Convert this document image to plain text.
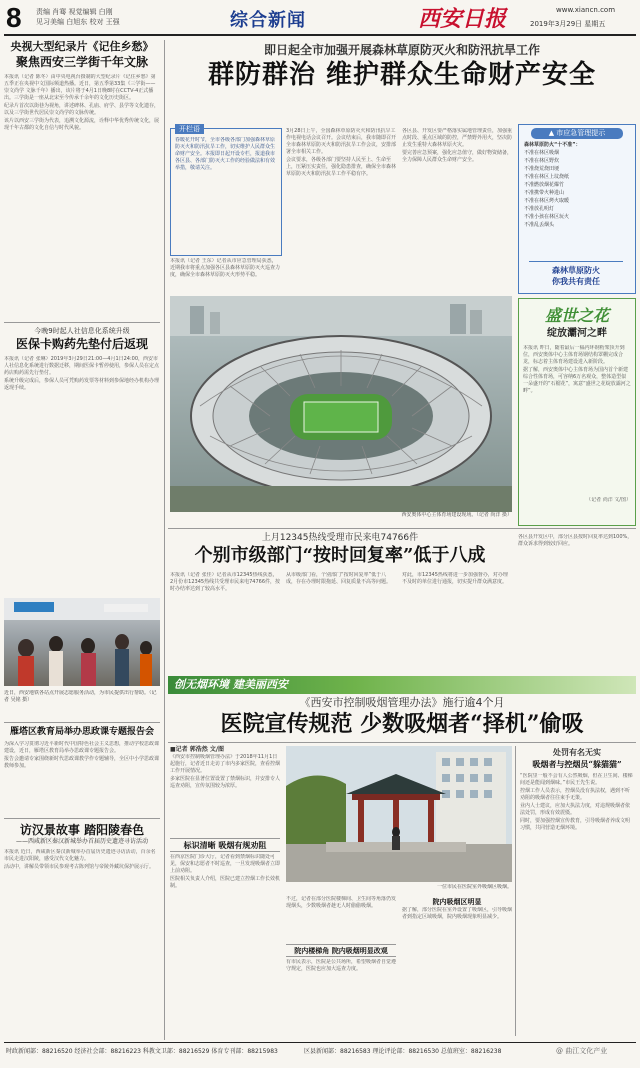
8 责编 肖骞 视觉编辑 白刚
见习美编 白旭东 校对 王强	综合新闻	西安日报	www.xiancn.com
2019年3月29日 星期五
央视大型纪录片《记住乡愁》
聚焦西安三学街千年文脉

本报讯（记者 陈冬）由中央电视台摄制的大型纪录片《记住乡愁》第五季正在央视中文国际频道热播。近日，第五季第33集《三学街——崇文尚学 文脉千年》播出，该片将于4月1日晚8时在CCTV-4正式播出。三学街是一座从北宋至今传承千余年的文化历史街区。

纪录片首次以街巷为视角，讲述碑林、孔庙、府学、县学等文化遗存，以及三学街世代居民崇文尚学的文脉传统。

该片以西安三学街为代表，追溯文化源流，诠释中华优秀传统文化，展现千年古都的文化自信与时代风貌。

今晚9时起人社信息化系统升级
医保卡购药先垫付后返现

本报讯（记者 张琳）2019年3月29日21:00—4月1日24:00，西安市人社信息化系统进行数据迁移，期间医保卡暂停使用，参保人员在定点药店购药需先行垫付。

系统升级完成后，参保人员可凭购药发票等材料到参保地经办机构办理返现手续。

近日，西安地铁各站点开展志愿服务活动，为市民提供出行帮助。（记者 吴铭 摄）
雁塔区教育局举办思政课专题报告会

为深入学习贯彻习近平新时代中国特色社会主义思想，推动学校思政课建设，近日，雁塔区教育局举办思政课专题报告会。

报告会邀请专家围绕新时代思政课教学作专题辅导，全区中小学思政课教师参加。

访汉景故事 踏阳陵春色
——西咸新区秦汉新城举办首届历史遗迹寻访活动

本报讯 近日，西咸新区秦汉新城举办首届历史遗迹寻访活动，百余名市民走进汉阳陵，感受汉代文化魅力。

活动中，讲解员带领市民参观考古陈列馆与帝陵外藏坑保护展示厅。

即日起全市加强开展森林草原防灭火和防汛抗旱工作
群防群治 维护群众生命财产安全
开栏语
春暖花开时节，全市各级各部门加强森林草原防灭火和防汛抗旱工作，切实维护人民群众生命财产安全。本报即日起开设专栏，报道我市各区县、各部门防灭火工作的经验做法和有效举措，敬请关注。

3月28日上午，全国森林草原防灭火和防汛抗旱工作电视电话会议召开。会议结束后，我市随即召开全市森林草原防灭火和防汛抗旱工作会议，安排部署全市相关工作。

会议要求，各级各部门要坚持人民至上、生命至上，压紧压实责任，强化隐患排查，确保全市森林草原防灭火和防汛抗旱工作平稳有序。

各区县、开发区要严格落实属地管理责任，加强重点时段、重点区域的防控，严禁野外用火，坚决防止发生重特大森林草原火灾。

要完善应急预案，强化应急值守，做好物资储备，全力保障人民群众生命财产安全。

▲ 市应急管理提示
森林草原防火“十不准”：
不准在林区吸烟
不准在林区野炊
不准烧荒烧田埂
不准在林区上坟烧纸
不准燃放烟花爆竹
不准携带火种进山
不准在林区烤火取暖
不准放孔明灯
不准小孩在林区玩火
不准乱丢烟头
森林草原防火
你我共有责任
本报讯（记者 王东）记者从市应急管理局获悉，近期我市将重点加强各区县森林草原防灭火巡查力度，确保全市森林草原防灭火形势平稳。
西安奥体中心主体育场建设现场。（记者 尚洋 摄）
盛世之花
绽放灞河之畔

本报讯 昨日，随着最后一榀内环钢桁架顶升到位，西安奥体中心主体育场钢结构罩棚完成合龙，标志着主体育场建设进入新阶段。

据了解，西安奥体中心主体育场为国内首个新建综合性体育场，可容纳6万名观众，整体造型似一朵盛开的“石榴花”，寓意“盛世之花绽放灞河之畔”。

（记者 尚洋 文/图）
上月12345热线受理市民来电74766件
个别市级部门“按时回复率”低于八成

本报讯（记者 张佳）记者从市12345热线获悉，2月份市12345热线共受理市民来电74766件，按时办结率达到了较高水平。

从市级部门看，个别部门“按时回复率”低于八成，存在办理时限拖延、回复质量不高等问题。

对此，市12345热线将进一步加强督办，对办理不及时的单位进行通报，切实提升群众满意度。

各区县开发区中，部分区县按时回复率达到100%，群众诉求得到较好回应。

创无烟环境 建美丽西安
《西安市控制吸烟管理办法》施行逾4个月
医院宣传规范 少数吸烟者“择机”偷吸
■记者 郭浩然 文/图

《西安市控制吸烟管理办法》于2018年11月1日起施行，记者近日走访了市内多家医院，查看控烟工作开展情况。

多家医院在显著位置设置了禁烟标识，并安排专人巡查劝阻，宣传氛围较为浓厚。

标识清晰 吸烟有规劝阻

在西京医院门诊大厅，记者看到禁烟标识随处可见，保安和志愿者不时巡查，一旦发现吸烟者立即上前劝阻。

医院相关负责人介绍，医院已建立控烟工作长效机制。	一位市民在医院室外吸烟区吸烟。

不过，记者在部分医院楼梯间、卫生间等角落仍发现烟头，少数吸烟者趁无人时偷偷吸烟。

院内楼梯角 院内吸烟明显改观

有市民表示，医院是公共场所，希望吸烟者自觉遵守规定，医院也应加大巡查力度。

院内吸烟区明显

据了解，部分医院在室外设置了吸烟区，引导吸烟者到指定区域吸烟，院内吸烟现象明显减少。

处罚有名无实
吸烟者与控烟员“躲猫猫”

“医院里一般不会有人公然吸烟，但在卫生间、楼梯间还是能闻到烟味。”市民王先生说。

控烟工作人员表示，控烟员没有执法权，遇到不听劝阻的吸烟者往往束手无策。

业内人士建议，应加大执法力度，对违规吸烟者依法处罚，形成有效震慑。

同时，要加强控烟宣传教育，引导吸烟者养成文明习惯，共同营造无烟环境。

时政新闻部：88216520 经济社会部：88216223 科教文卫部：88216529 体育专刊部：88215983	区县新闻部：88216583 理论评论部：88216530 总值班室：88216238	@ 曲江文化产业
